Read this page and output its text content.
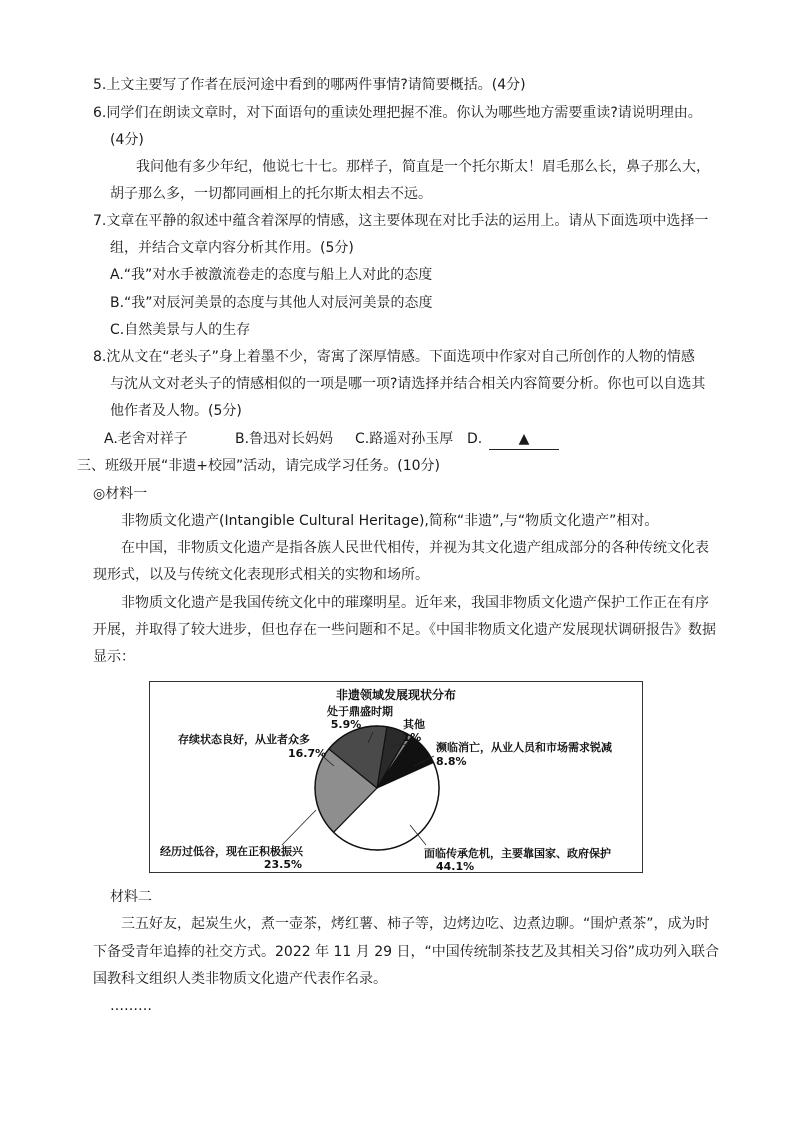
5.上文主要写了作者在辰河途中看到的哪两件事情?请简要概括。(4分)
6.同学们在朗读文章时，对下面语句的重读处理把握不准。你认为哪些地方需要重读?请说明理由。
(4分)
我问他有多少年纪，他说七十七。那样子，简直是一个托尔斯太！眉毛那么长，鼻子那么大，
胡子那么多，一切都同画相上的托尔斯太相去不远。
7.文章在平静的叙述中蕴含着深厚的情感，这主要体现在对比手法的运用上。请从下面选项中选择一
组，并结合文章内容分析其作用。(5分)
A.“我”对水手被激流卷走的态度与船上人对此的态度
B.“我”对辰河美景的态度与其他人对辰河美景的态度
C.自然美景与人的生存
8.沈从文在“老头子”身上着墨不少，寄寓了深厚情感。下面选项中作家对自己所创作的人物的情感
与沈从文对老头子的情感相似的一项是哪一项?请选择并结合相关内容简要分析。你也可以自选其
他作者及人物。(5分)
A.老舍对祥子	B.鲁迅对长妈妈 C.路遥对孙玉厚 D.	▲
三、班级开展“非遗+校园”活动，请完成学习任务。(10分)
◎材料一
非物质文化遗产(Intangible Cultural Heritage),简称“非遗”,与“物质文化遗产”相对。
在中国，非物质文化遗产是指各族人民世代相传，并视为其文化遗产组成部分的各种传统文化表
现形式，以及与传统文化表现形式相关的实物和场所。
非物质文化遗产是我国传统文化中的璀璨明星。近年来，我国非物质文化遗产保护工作正在有序
开展，并取得了较大进步，但也存在一些问题和不足。《中国非物质文化遗产发展现状调研报告》数据
显示：
非遗领域发展现状分布
处于鼎盛时期
5.9%	其他
1%
濒临消亡，从业人员和市场需求锐减
8.8%
面临传承危机，主要靠国家、政府保护
44.1%
经历过低谷，现在正积极振兴
23.5%
存续状态良好，从业者众多
16.7%
材料二
三五好友，起炭生火，煮一壶茶，烤红薯、柿子等，边烤边吃、边煮边聊。“围炉煮茶”，成为时
下备受青年追捧的社交方式。2022 年 11 月 29 日，“中国传统制茶技艺及其相关习俗”成功列入联合
国教科文组织人类非物质文化遗产代表作名录。
………
